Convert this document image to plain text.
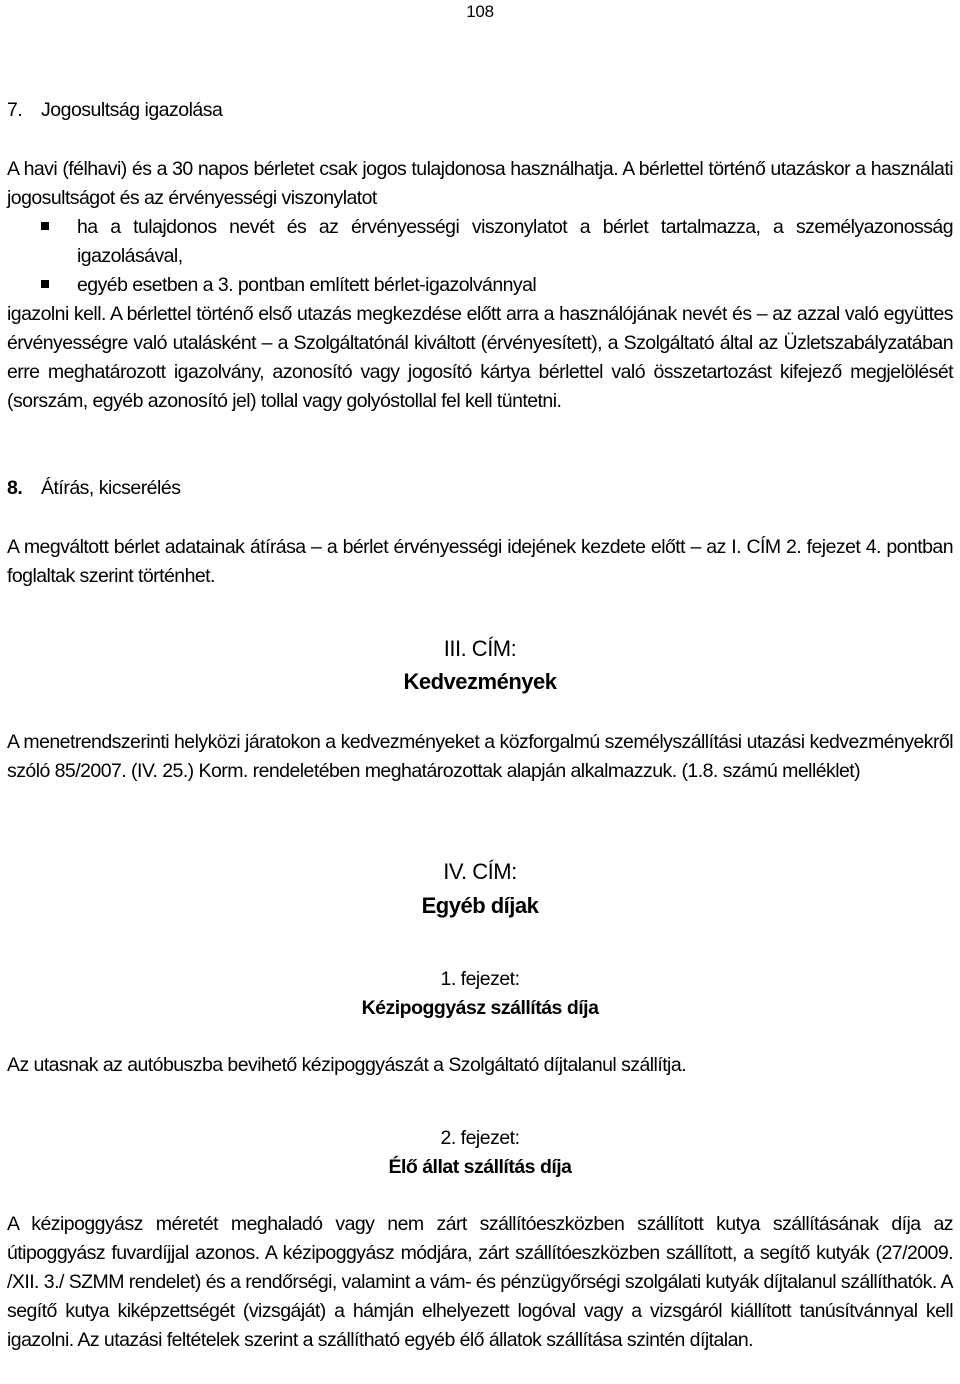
108
7. Jogosultság igazolása

A havi (félhavi) és a 30 napos bérletet csak jogos tulajdonosa használhatja. A bérlettel történő utazáskor a használati jogosultságot és az érvényességi viszonylatot

ha a tulajdonos nevét és az érvényességi viszonylatot a bérlet tartalmazza, a személyazonosság igazolásával,
egyéb esetben a 3. pontban említett bérlet-igazolvánnyal

igazolni kell. A bérlettel történő első utazás megkezdése előtt arra a használójának nevét és – az azzal való együttes érvényességre való utalásként – a Szolgáltatónál kiváltott (érvényesített), a Szolgáltató által az Üzletszabályzatában erre meghatározott igazolvány, azonosító vagy jogosító kártya bérlettel való összetartozást kifejező megjelölését (sorszám, egyéb azonosító jel) tollal vagy golyóstollal fel kell tüntetni.

8. Átírás, kicserélés

A megváltott bérlet adatainak átírása – a bérlet érvényességi idejének kezdete előtt – az I. CÍM 2. fejezet 4. pontban foglaltak szerint történhet.

III. CÍM:
Kedvezmények

A menetrendszerinti helyközi járatokon a kedvezményeket a közforgalmú személyszállítási utazási kedvezményekről szóló 85/2007. (IV. 25.) Korm. rendeletében meghatározottak alapján alkalmazzuk. (1.8. számú melléklet)

IV. CÍM:
Egyéb díjak
1. fejezet:
Kézipoggyász szállítás díja

Az utasnak az autóbuszba bevihető kézipoggyászát a Szolgáltató díjtalanul szállítja.

2. fejezet:
Élő állat szállítás díja

A kézipoggyász méretét meghaladó vagy nem zárt szállítóeszközben szállított kutya szállításának díja az útipoggyász fuvardíjjal azonos. A kézipoggyász módjára, zárt szállítóeszközben szállított, a segítő kutyák (27/2009. /XII. 3./ SZMM rendelet) és a rendőrségi, valamint a vám- és pénzügyőrségi szolgálati kutyák díjtalanul szállíthatók. A segítő kutya kiképzettségét (vizsgáját) a hámján elhelyezett logóval vagy a vizsgáról kiállított tanúsítvánnyal kell igazolni. Az utazási feltételek szerint a szállítható egyéb élő állatok szállítása szintén díjtalan.
